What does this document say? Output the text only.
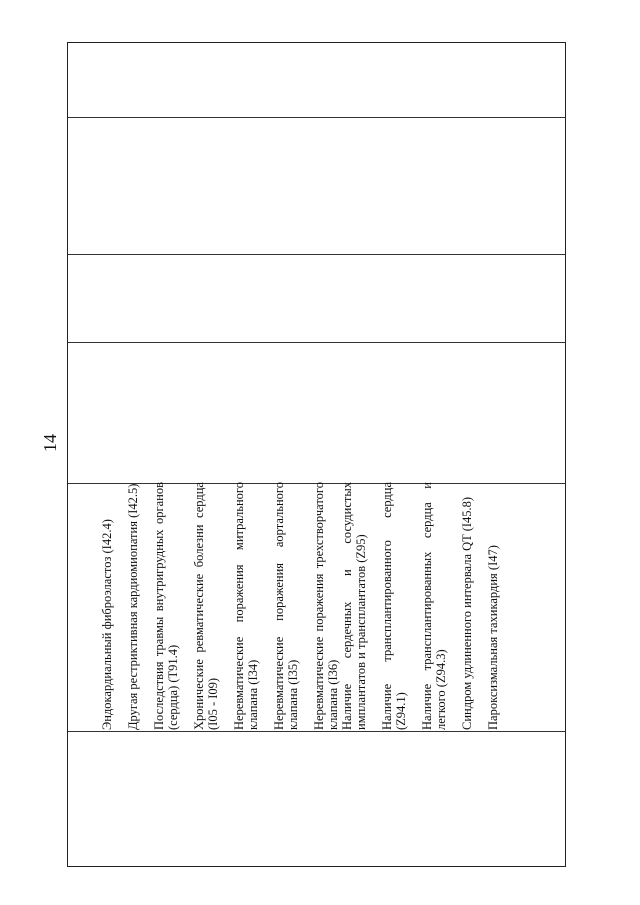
14
Эндокардиальный фиброэластоз (I42.4) Другая рестриктивная кардиомиопатия (I42.5) Последствия травмы внутригрудных органов (сердца) (T91.4) Хронические ревматические болезни сердца (I05 - I09) Неревматические поражения митрального клапана (I34) Неревматические поражения аортального клапана (I35) Неревматические поражения трехстворчатого клапана (I36) Наличие сердечных и сосудистых имплантатов и трансплантатов (Z95) Наличие трансплантированного сердца (Z94.1) Наличие трансплантированных сердца и легкого (Z94.3) Синдром удлиненного интервала QT (I45.8) Пароксизмальная тахикардия (I47)
